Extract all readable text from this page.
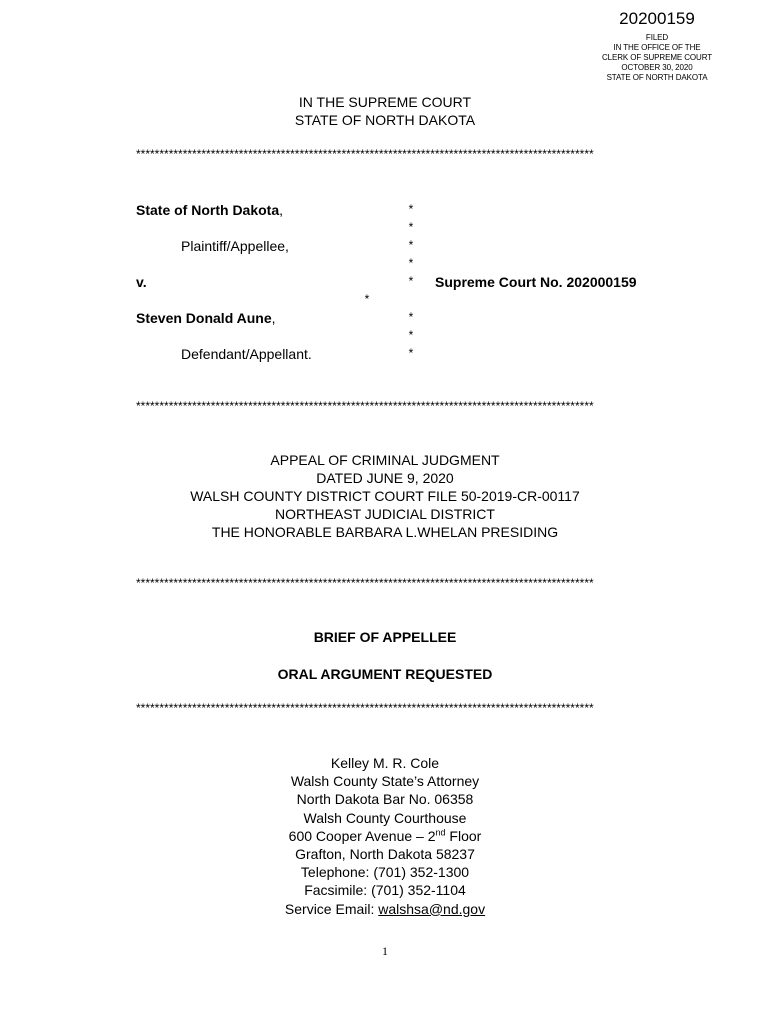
20200159
FILED
IN THE OFFICE OF THE
CLERK OF SUPREME COURT
OCTOBER 30, 2020
STATE OF NORTH DAKOTA
IN THE SUPREME COURT
STATE OF NORTH DAKOTA
**************************************************************************************************
State of North Dakota,
Plaintiff/Appellee,
v.
Steven Donald Aune,
Defendant/Appellant.
Supreme Court No. 202000159
*
*
*
*
*
*
*
*
*
**************************************************************************************************
APPEAL OF CRIMINAL JUDGMENT
DATED JUNE 9, 2020
WALSH COUNTY DISTRICT COURT FILE 50-2019-CR-00117
NORTHEAST JUDICIAL DISTRICT
THE HONORABLE BARBARA L.WHELAN PRESIDING
**************************************************************************************************
BRIEF OF APPELLEE
ORAL ARGUMENT REQUESTED
**************************************************************************************************
Kelley M. R. Cole
Walsh County State’s Attorney
North Dakota Bar No. 06358
Walsh County Courthouse
600 Cooper Avenue – 2nd Floor
Grafton, North Dakota 58237
Telephone: (701) 352-1300
Facsimile: (701) 352-1104
Service Email: walshsa@nd.gov
1
